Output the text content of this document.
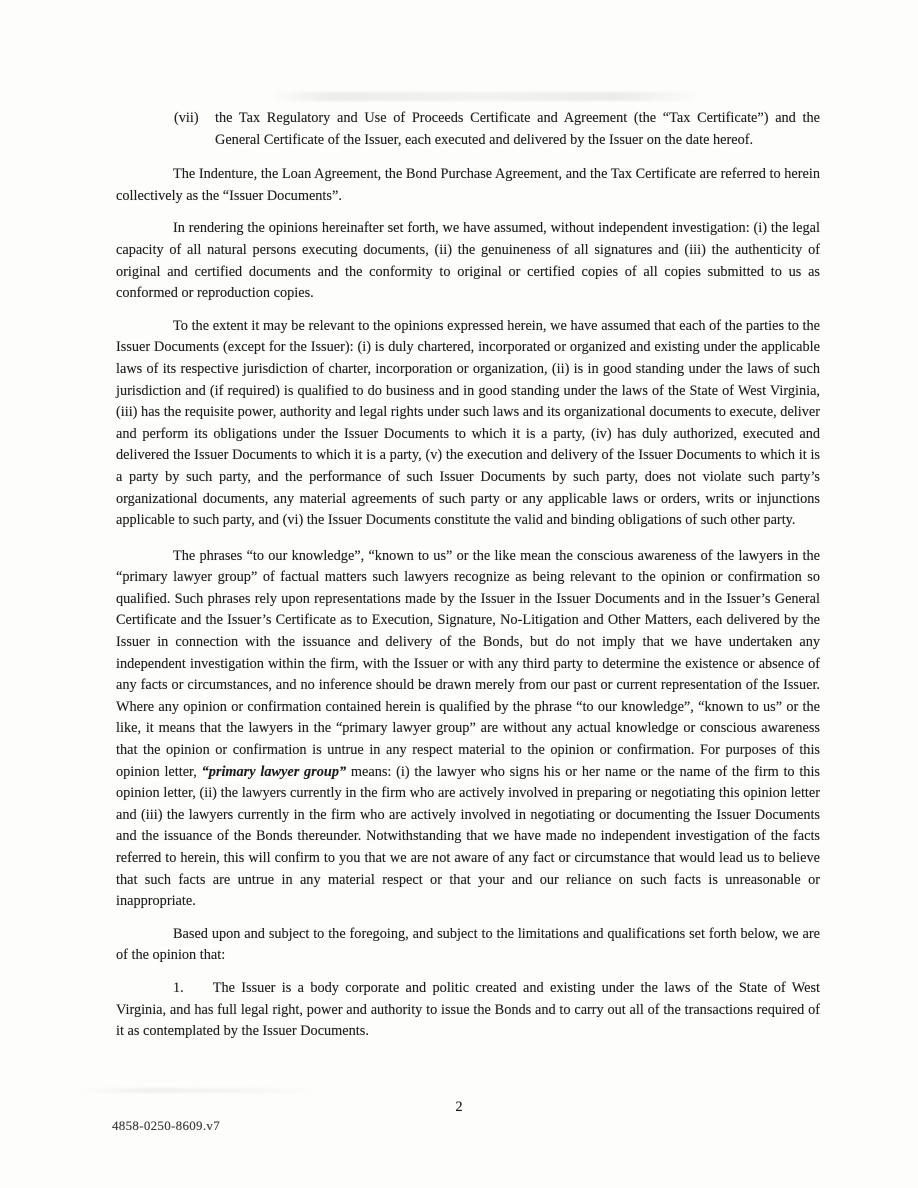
(vii)	the Tax Regulatory and Use of Proceeds Certificate and Agreement (the “Tax Certificate”) and the General Certificate of the Issuer, each executed and delivered by the Issuer on the date hereof.

The Indenture, the Loan Agreement, the Bond Purchase Agreement, and the Tax Certificate are referred to herein collectively as the “Issuer Documents”.

In rendering the opinions hereinafter set forth, we have assumed, without independent investigation: (i) the legal capacity of all natural persons executing documents, (ii) the genuineness of all signatures and (iii) the authenticity of original and certified documents and the conformity to original or certified copies of all copies submitted to us as conformed or reproduction copies.

To the extent it may be relevant to the opinions expressed herein, we have assumed that each of the parties to the Issuer Documents (except for the Issuer): (i) is duly chartered, incorporated or organized and existing under the applicable laws of its respective jurisdiction of charter, incorporation or organization, (ii) is in good standing under the laws of such jurisdiction and (if required) is qualified to do business and in good standing under the laws of the State of West Virginia, (iii) has the requisite power, authority and legal rights under such laws and its organizational documents to execute, deliver and perform its obligations under the Issuer Documents to which it is a party, (iv) has duly authorized, executed and delivered the Issuer Documents to which it is a party, (v) the execution and delivery of the Issuer Documents to which it is a party by such party, and the performance of such Issuer Documents by such party, does not violate such party’s organizational documents, any material agreements of such party or any applicable laws or orders, writs or injunctions applicable to such party, and (vi) the Issuer Documents constitute the valid and binding obligations of such other party.

The phrases “to our knowledge”, “known to us” or the like mean the conscious awareness of the lawyers in the “primary lawyer group” of factual matters such lawyers recognize as being relevant to the opinion or confirmation so qualified. Such phrases rely upon representations made by the Issuer in the Issuer Documents and in the Issuer’s General Certificate and the Issuer’s Certificate as to Execution, Signature, No-Litigation and Other Matters, each delivered by the Issuer in connection with the issuance and delivery of the Bonds, but do not imply that we have undertaken any independent investigation within the firm, with the Issuer or with any third party to determine the existence or absence of any facts or circumstances, and no inference should be drawn merely from our past or current representation of the Issuer. Where any opinion or confirmation contained herein is qualified by the phrase “to our knowledge”, “known to us” or the like, it means that the lawyers in the “primary lawyer group” are without any actual knowledge or conscious awareness that the opinion or confirmation is untrue in any respect material to the opinion or confirmation. For purposes of this opinion letter, “primary lawyer group” means: (i) the lawyer who signs his or her name or the name of the firm to this opinion letter, (ii) the lawyers currently in the firm who are actively involved in preparing or negotiating this opinion letter and (iii) the lawyers currently in the firm who are actively involved in negotiating or documenting the Issuer Documents and the issuance of the Bonds thereunder. Notwithstanding that we have made no independent investigation of the facts referred to herein, this will confirm to you that we are not aware of any fact or circumstance that would lead us to believe that such facts are untrue in any material respect or that your and our reliance on such facts is unreasonable or inappropriate.

Based upon and subject to the foregoing, and subject to the limitations and qualifications set forth below, we are of the opinion that:

1. The Issuer is a body corporate and politic created and existing under the laws of the State of West Virginia, and has full legal right, power and authority to issue the Bonds and to carry out all of the transactions required of it as contemplated by the Issuer Documents.

2
4858-0250-8609.v7
